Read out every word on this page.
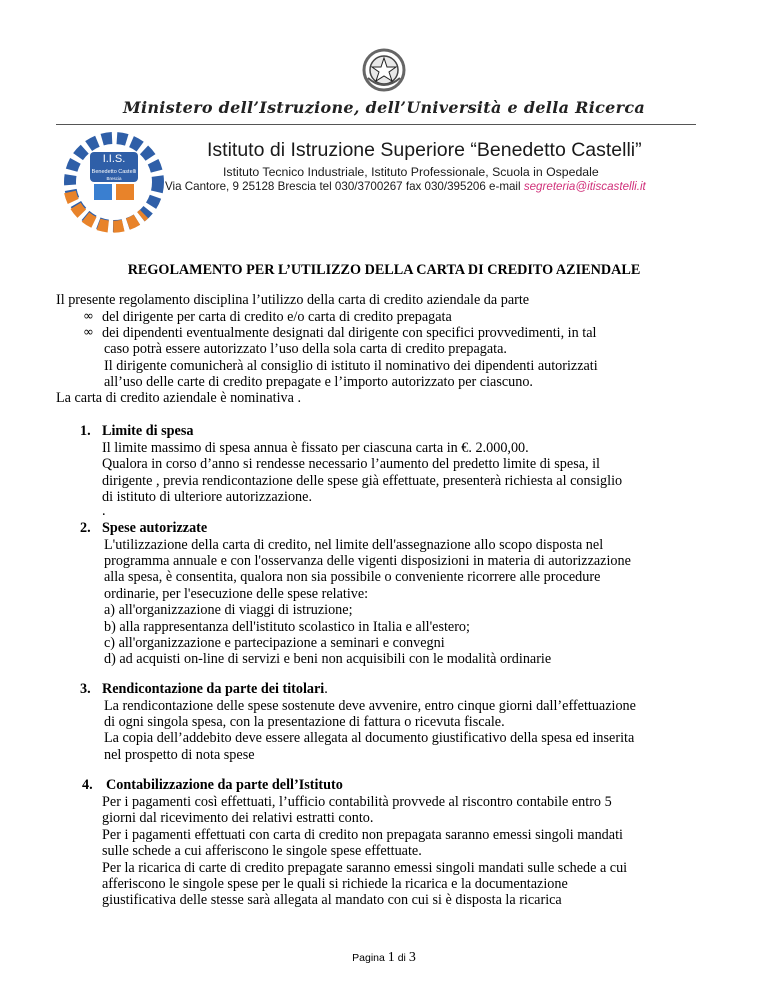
Ministero dell’Istruzione, dell’Università e della Ricerca
I.I.S.
Benedetto Castelli
Brescia
Istituto di Istruzione Superiore “Benedetto Castelli”
Istituto Tecnico Industriale, Istituto Professionale, Scuola in Ospedale
Via Cantore, 9 25128 Brescia tel 030/3700267 fax 030/395206 e-mail segreteria@itiscastelli.it
REGOLAMENTO PER L’UTILIZZO DELLA CARTA DI CREDITO AZIENDALE
Il presente regolamento disciplina l’utilizzo della carta di credito aziendale da parte
∞ del dirigente per carta di credito e/o carta di credito prepagata
∞ dei dipendenti eventualmente designati dal dirigente con specifici provvedimenti, in tal
caso potrà essere autorizzato l’uso della sola carta di credito prepagata.
Il dirigente comunicherà al consiglio di istituto il nominativo dei dipendenti autorizzati
all’uso delle carte di credito prepagate e l’importo autorizzato per ciascuno.
La carta di credito aziendale è nominativa .
1. Limite di spesa
Il limite massimo di spesa annua è fissato per ciascuna carta in €. 2.000,00.
Qualora in corso d’anno si rendesse necessario l’aumento del predetto limite di spesa, il
dirigente , previa rendicontazione delle spese già effettuate, presenterà richiesta al consiglio
di istituto di ulteriore autorizzazione.
.
2. Spese autorizzate
L'utilizzazione della carta di credito, nel limite dell'assegnazione allo scopo disposta nel
programma annuale e con l'osservanza delle vigenti disposizioni in materia di autorizzazione
alla spesa, è consentita, qualora non sia possibile o conveniente ricorrere alle procedure
ordinarie, per l'esecuzione delle spese relative:
a) all'organizzazione di viaggi di istruzione;
b) alla rappresentanza dell'istituto scolastico in Italia e all'estero;
c) all'organizzazione e partecipazione a seminari e convegni
d) ad acquisti on-line di servizi e beni non acquisibili con le modalità ordinarie
3. Rendicontazione da parte dei titolari.
La rendicontazione delle spese sostenute deve avvenire, entro cinque giorni dall’effettuazione
di ogni singola spesa, con la presentazione di fattura o ricevuta fiscale.
La copia dell’addebito deve essere allegata al documento giustificativo della spesa ed inserita
nel prospetto di nota spese
4. Contabilizzazione da parte dell’Istituto
Per i pagamenti così effettuati, l’ufficio contabilità provvede al riscontro contabile entro 5
giorni dal ricevimento dei relativi estratti conto.
Per i pagamenti effettuati con carta di credito non prepagata saranno emessi singoli mandati
sulle schede a cui afferiscono le singole spese effettuate.
Per la ricarica di carte di credito prepagate saranno emessi singoli mandati sulle schede a cui
afferiscono le singole spese per le quali si richiede la ricarica e la documentazione
giustificativa delle stesse sarà allegata al mandato con cui si è disposta la ricarica
Pagina 1 di 3
